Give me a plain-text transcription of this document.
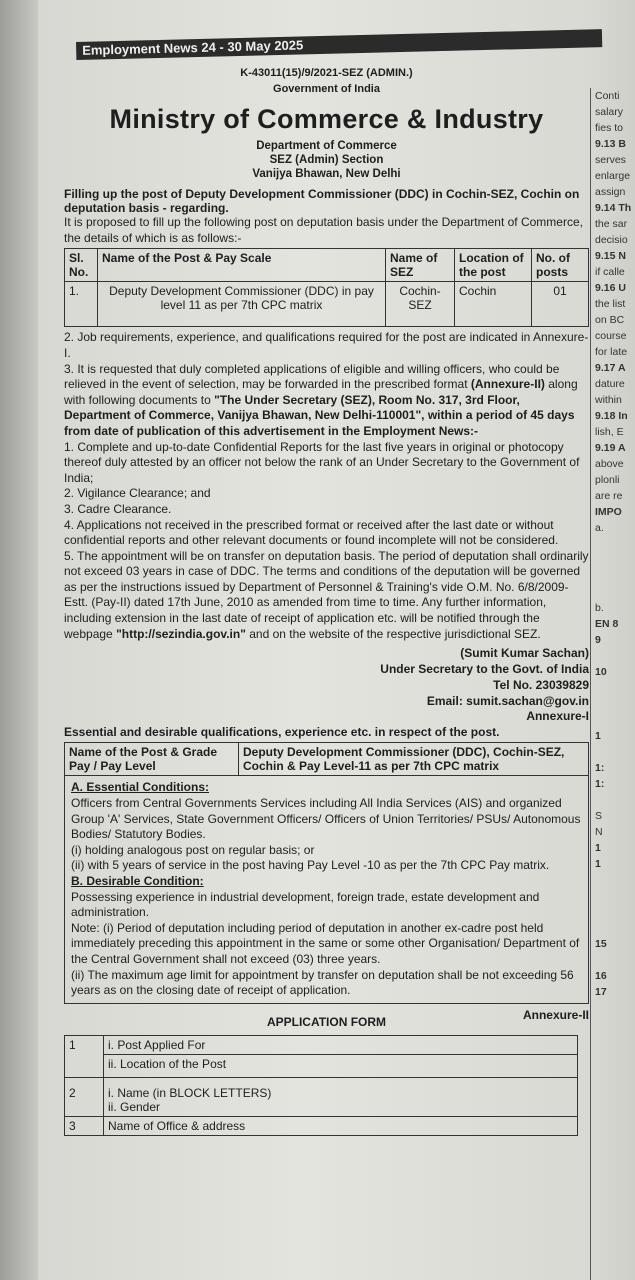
Employment News 24 - 30 May 2025
K-43011(15)/9/2021-SEZ (ADMIN.)
Government of India
Ministry of Commerce & Industry
Department of Commerce
SEZ (Admin) Section
Vanijya Bhawan, New Delhi

Filling up the post of Deputy Development Commissioner (DDC) in Cochin-SEZ, Cochin on deputation basis - regarding.

It is proposed to fill up the following post on deputation basis under the Department of Commerce, the details of which is as follows:-

Sl. No.	Name of the Post & Pay Scale	Name of SEZ	Location of the post	No. of posts
1.	Deputy Development Commissioner (DDC) in pay level 11 as per 7th CPC matrix	Cochin-SEZ	Cochin	01

2. Job requirements, experience, and qualifications required for the post are indicated in Annexure-I.

3. It is requested that duly completed applications of eligible and willing officers, who could be relieved in the event of selection, may be forwarded in the prescribed format (Annexure-II) along with following documents to "The Under Secretary (SEZ), Room No. 317, 3rd Floor, Department of Commerce, Vanijya Bhawan, New Delhi-110001", within a period of 45 days from date of publication of this advertisement in the Employment News:-

1. Complete and up-to-date Confidential Reports for the last five years in original or photocopy thereof duly attested by an officer not below the rank of an Under Secretary to the Government of India;

2. Vigilance Clearance; and

3. Cadre Clearance.

4. Applications not received in the prescribed format or received after the last date or without confidential reports and other relevant documents or found incomplete will not be considered.

5. The appointment will be on transfer on deputation basis. The period of deputation shall ordinarily not exceed 03 years in case of DDC. The terms and conditions of the deputation will be governed as per the instructions issued by Department of Personnel & Training's vide O.M. No. 6/8/2009-Estt. (Pay-II) dated 17th June, 2010 as amended from time to time. Any further information, including extension in the last date of receipt of application etc. will be notified through the webpage "http://sezindia.gov.in" and on the website of the respective jurisdictional SEZ.

(Sumit Kumar Sachan)
Under Secretary to the Govt. of India
Tel No. 23039829
Email: sumit.sachan@gov.in
Annexure-I

Essential and desirable qualifications, experience etc. in respect of the post.

Name of the Post & Grade Pay / Pay Level	Deputy Development Commissioner (DDC), Cochin-SEZ, Cochin & Pay Level-11 as per 7th CPC matrix

A. Essential Conditions:

Officers from Central Governments Services including All India Services (AIS) and organized Group 'A' Services, State Government Officers/ Officers of Union Territories/ PSUs/ Autonomous Bodies/ Statutory Bodies.

(i) holding analogous post on regular basis; or

(ii) with 5 years of service in the post having Pay Level -10 as per the 7th CPC Pay matrix.

B. Desirable Condition:

Possessing experience in industrial development, foreign trade, estate development and administration.

Note: (i) Period of deputation including period of deputation in another ex-cadre post held immediately preceding this appointment in the same or some other Organisation/ Department of the Central Government shall not exceed (03) three years.

(ii) The maximum age limit for appointment by transfer on deputation shall be not exceeding 56 years as on the closing date of receipt of application.

Annexure-II

APPLICATION FORM

1	i. Post Applied For	
	ii. Location of the Post	
2	i. Name (in BLOCK LETTERS)
ii. Gender	

3	Name of Office & address	
Conti
salary
fies to
9.13 B
serves
enlarge
assign
9.14 Th
the sar
decisio
9.15 N
if calle
9.16 U
the list
on BC
course
for late
9.17 A
dature
within
9.18 In
lish, E
9.19 A
above
plonli
are re
IMPO
a.

b.
EN 8
9

10

1

1:
1:

S
N
1
1

15

16
17
